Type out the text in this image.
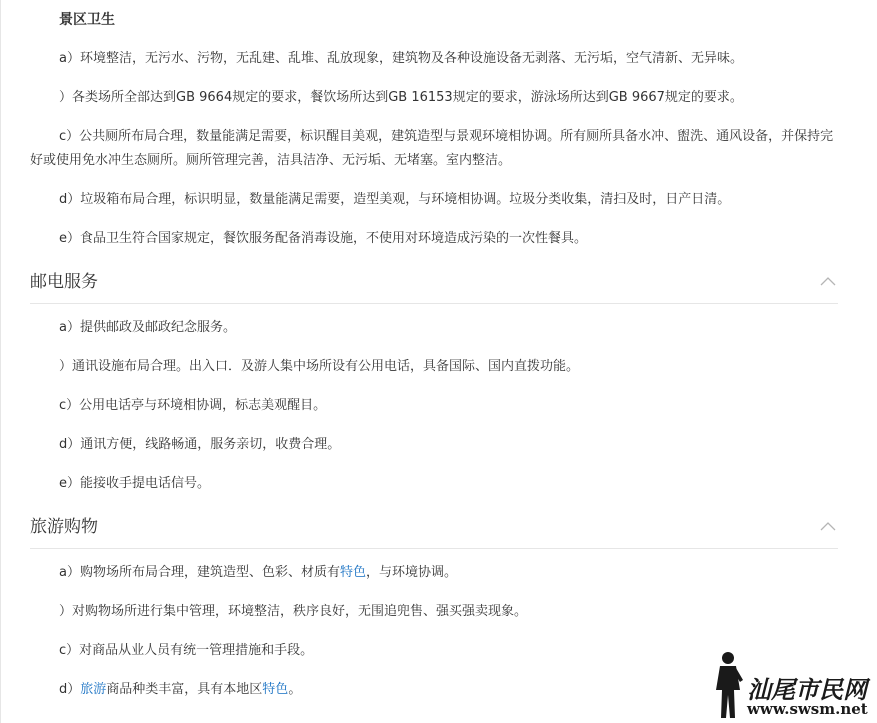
景区卫生

a）环境整洁，无污水、污物，无乱建、乱堆、乱放现象，建筑物及各种设施设备无剥落、无污垢，空气清新、无异味。

）各类场所全部达到GB 9664规定的要求，餐饮场所达到GB 16153规定的要求，游泳场所达到GB 9667规定的要求。

c）公共厕所布局合理，数量能满足需要，标识醒目美观，建筑造型与景观环境相协调。所有厕所具备水冲、盥洗、通风设备，并保持完好或使用免水冲生态厕所。厕所管理完善，洁具洁净、无污垢、无堵塞。室内整洁。

d）垃圾箱布局合理，标识明显，数量能满足需要，造型美观，与环境相协调。垃圾分类收集，清扫及时，日产日清。

e）食品卫生符合国家规定，餐饮服务配备消毒设施，不使用对环境造成污染的一次性餐具。

邮电服务

a）提供邮政及邮政纪念服务。

）通讯设施布局合理。出入口．及游人集中场所设有公用电话，具备国际、国内直拨功能。

c）公用电话亭与环境相协调，标志美观醒目。

d）通讯方便，线路畅通，服务亲切，收费合理。

e）能接收手提电话信号。

旅游购物

a）购物场所布局合理，建筑造型、色彩、材质有特色，与环境协调。

）对购物场所进行集中管理，环境整洁，秩序良好，无围追兜售、强买强卖现象。

c）对商品从业人员有统一管理措施和手段。

d）旅游商品种类丰富，具有本地区特色。	汕尾市民网
www.swsm.net
